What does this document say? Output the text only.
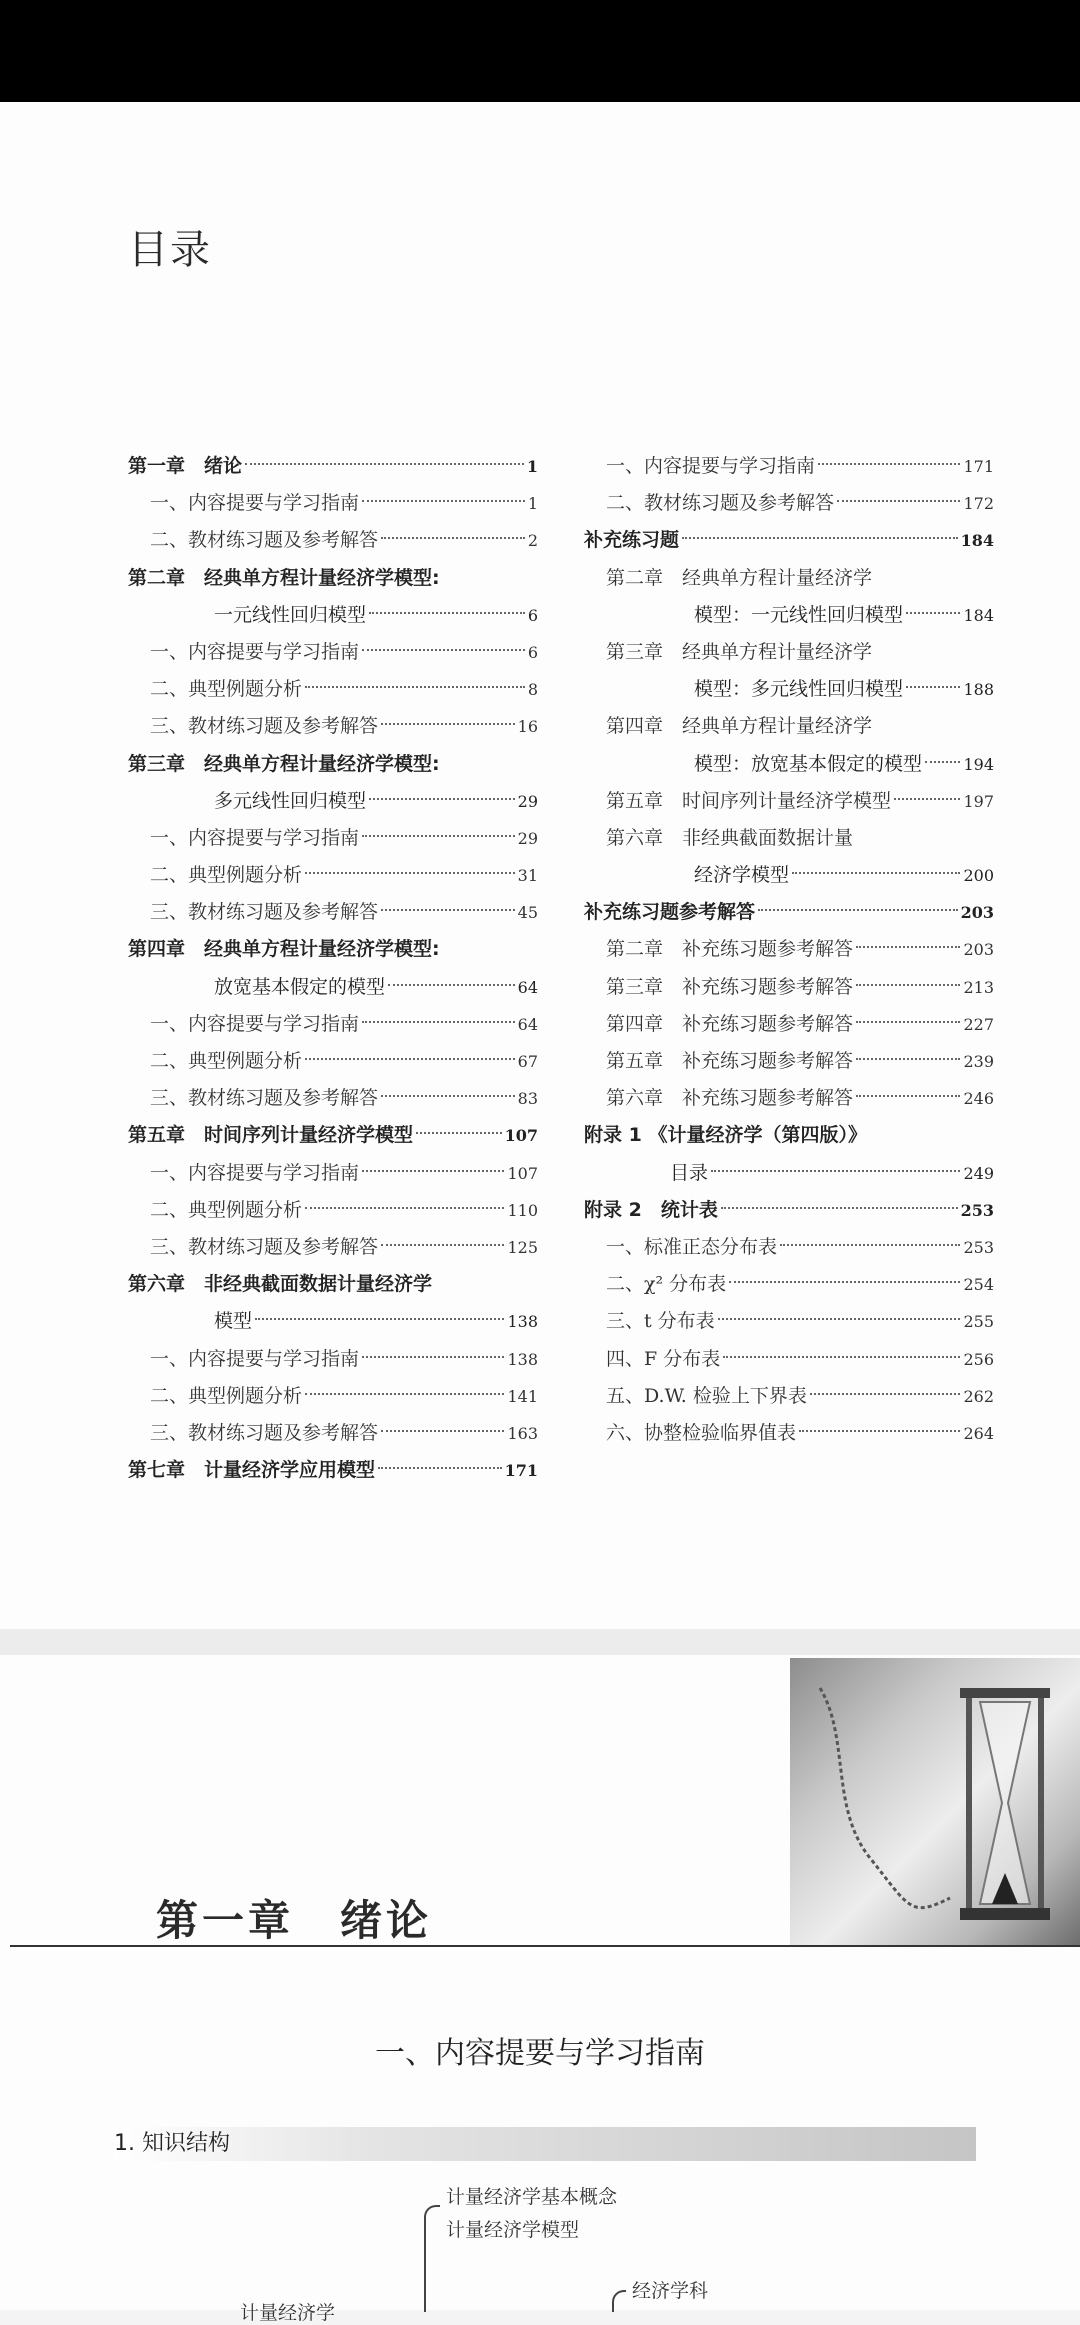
目录
第一章　绪论	1
一、内容提要与学习指南	1
二、教材练习题及参考解答	2
第二章　经典单方程计量经济学模型:
一元线性回归模型	6
一、内容提要与学习指南	6
二、典型例题分析	8
三、教材练习题及参考解答	16
第三章　经典单方程计量经济学模型:
多元线性回归模型	29
一、内容提要与学习指南	29
二、典型例题分析	31
三、教材练习题及参考解答	45
第四章　经典单方程计量经济学模型:
放宽基本假定的模型	64
一、内容提要与学习指南	64
二、典型例题分析	67
三、教材练习题及参考解答	83
第五章　时间序列计量经济学模型	107
一、内容提要与学习指南	107
二、典型例题分析	110
三、教材练习题及参考解答	125
第六章　非经典截面数据计量经济学
模型	138
一、内容提要与学习指南	138
二、典型例题分析	141
三、教材练习题及参考解答	163
第七章　计量经济学应用模型	171
一、内容提要与学习指南	171
二、教材练习题及参考解答	172
补充练习题	184
第二章　经典单方程计量经济学
模型：一元线性回归模型	184
第三章　经典单方程计量经济学
模型：多元线性回归模型	188
第四章　经典单方程计量经济学
模型：放宽基本假定的模型	194
第五章　时间序列计量经济学模型	197
第六章　非经典截面数据计量
经济学模型	200
补充练习题参考解答	203
第二章　补充练习题参考解答	203
第三章　补充练习题参考解答	213
第四章　补充练习题参考解答	227
第五章　补充练习题参考解答	239
第六章　补充练习题参考解答	246
附录 1 《计量经济学（第四版）》
目录	249
附录 2　统计表	253
一、标准正态分布表	253
二、χ² 分布表	254
三、t 分布表	255
四、F 分布表	256
五、D.W. 检验上下界表	262
六、协整检验临界值表	264
第一章　绪论
一、内容提要与学习指南
1. 知识结构
计量经济学基本概念
计量经济学模型
经济学科
计量经济学
